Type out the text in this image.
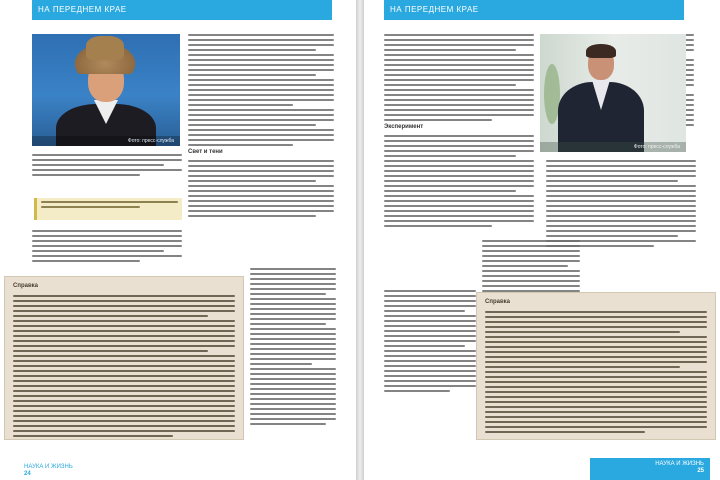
НА ПЕРЕДНЕМ КРАЕ
Фото: пресс-служба
Свет и тени
Справка
НАУКА И ЖИЗНЬ
24
НА ПЕРЕДНЕМ КРАЕ
Эксперимент
Справка
НАУКА И ЖИЗНЬ
25
Фото: пресс-служба
